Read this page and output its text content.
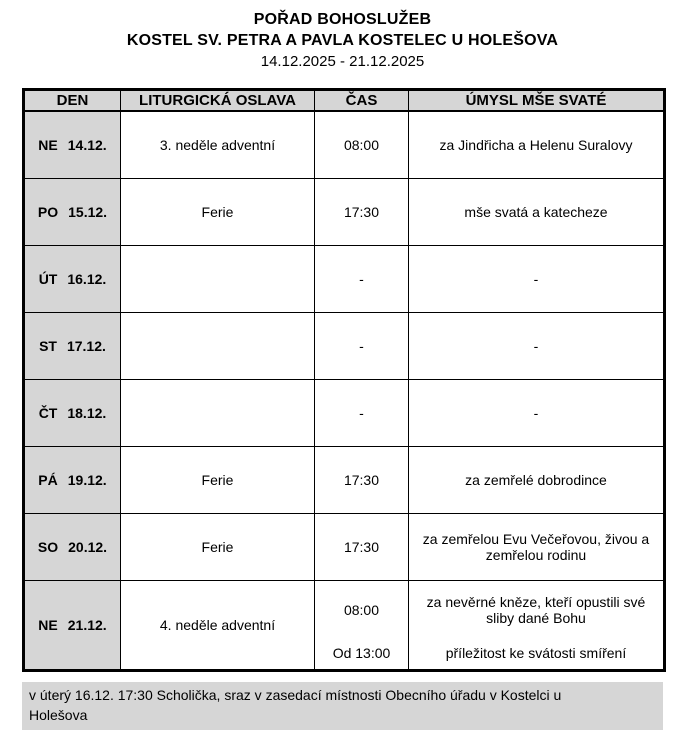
POŘAD BOHOSLUŽEB
KOSTEL SV. PETRA A PAVLA KOSTELEC U HOLEŠOVA
14.12.2025 - 21.12.2025
DEN	LITURGICKÁ OSLAVA	ČAS	ÚMYSL MŠE SVATÉ

NE 14.12.	3. neděle adventní	08:00	za Jindřicha a Helenu Suralovy

PO 15.12.	Ferie	17:30	mše svatá a katecheze

ÚT 16.12.		-	-

ST 17.12.		-	-

ČT 18.12.		-	-

PÁ 19.12.	Ferie	17:30	za zemřelé dobrodince

SO 20.12.	Ferie	17:30	za zemřelou Evu Večeřovou, živou a zemřelou rodinu

NE 21.12.	4. neděle adventní	08:00	za nevěrné kněze, kteří opustili své sliby dané Bohu
		Od 13:00	příležitost ke svátosti smíření
v úterý 16.12. 17:30 Scholička, sraz v zasedací místnosti Obecního úřadu v Kostelci u
Holešova
